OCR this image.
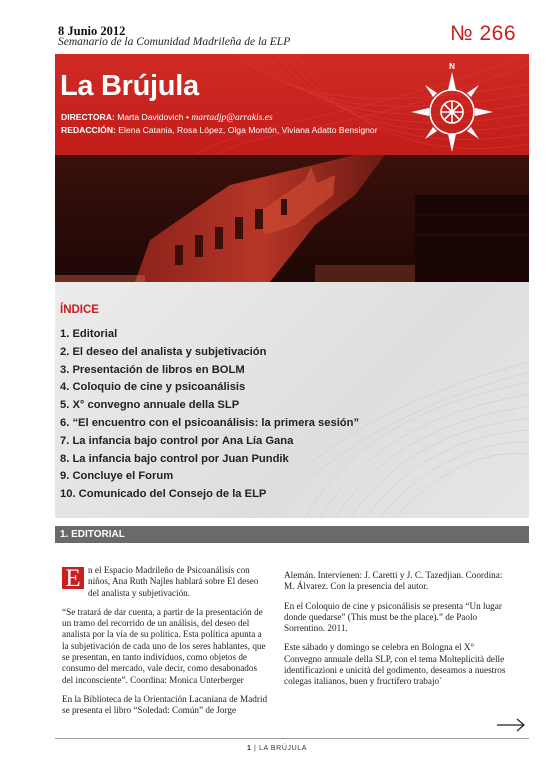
8 Junio 2012
Semanario de la Comunidad Madrileña de la ELP	№ 266
La Brújula
DIRECTORA: Marta Davidovich • martadjp@arrakis.es
REDACCIÓN: Elena Catania, Rosa López, Olga Montón, Viviana Adatto Bensignor
N
ÍNDICE
1. Editorial
2. El deseo del analista y subjetivación
3. Presentación de libros en BOLM
4. Coloquio de cine y psicoanálisis
5. X° convegno annuale della SLP
6. “El encuentro con el psicoanálisis: la primera sesión”
7. La infancia bajo control por Ana Lía Gana
8. La infancia bajo control por Juan Pundik
9. Concluye el Forum
10. Comunicado del Consejo de la ELP
1. EDITORIAL

E n el Espacio Madrileño de Psicoanálisis con niños, Ana Ruth Najles hablará sobre El deseo del analista y subjetivación.

“Se tratará de dar cuenta, a partir de la presentación de un tramo del recorrido de un análisis, del deseo del analista por la vía de su política. Esta política apunta a la subjetivación de cada uno de los seres hablantes, que se presentan, en tanto individuos, como objetos de consumo del mercado, vale decir, como desabonados del inconsciente”. Coordina: Monica Unterberger

En la Biblioteca de la Orientación Lacaniana de Madrid se presenta el libro “Soledad: Común” de Jorge

Alemán. Intervienen: J. Caretti y J. C. Tazedjian. Coordina: M. Álvarez. Con la presencia del autor.

En el Coloquio de cine y psiconálisis se presenta “Un lugar donde quedarse” (This must be the place).” de Paolo Sorrentino. 2011.

Este sábado y domingo se celebra en Bologna el X° Convegno annuale della SLP, con el tema Molteplicità delle identificazioni e unicità del godimento, deseamos a nuestros colegas italianos, buen y fructífero trabajo´

1 | LA BRÚJULA
